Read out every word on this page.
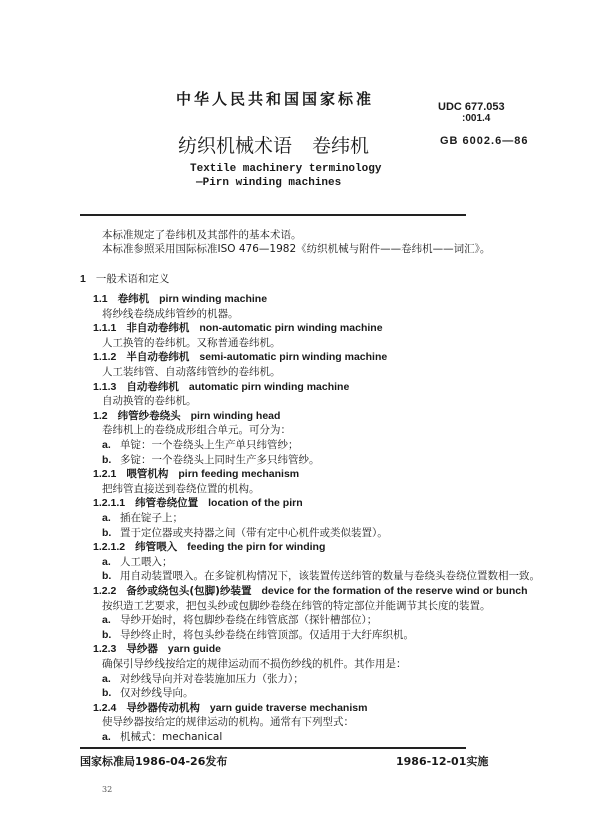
中华人民共和国国家标准	UDC 677.053
:001.4
纺织机械术语 卷纬机	GB 6002.6—86
Textile machinery terminology
—Pirn winding machines
本标准规定了卷纬机及其部件的基本术语。
本标准参照采用国际标准ISO 476—1982《纺织机械与附件——卷纬机——词汇》。
1 一般术语和定义
1.1 卷纬机 pirn winding machine
将纱线卷绕成纬管纱的机器。
1.1.1 非自动卷纬机 non-automatic pirn winding machine
人工换管的卷纬机。又称普通卷纬机。
1.1.2 半自动卷纬机 semi-automatic pirn winding machine
人工装纬管、自动落纬管纱的卷纬机。
1.1.3 自动卷纬机 automatic pirn winding machine
自动换管的卷纬机。
1.2 纬管纱卷绕头 pirn winding head
卷纬机上的卷绕成形组合单元。可分为：
a. 单锭：一个卷绕头上生产单只纬管纱；
b. 多锭：一个卷绕头上同时生产多只纬管纱。
1.2.1 喂管机构 pirn feeding mechanism
把纬管直接送到卷绕位置的机构。
1.2.1.1 纬管卷绕位置 location of the pirn
a. 插在锭子上；
b. 置于定位器或夹持器之间（带有定中心机件或类似装置）。
1.2.1.2 纬管喂入 feeding the pirn for winding
a. 人工喂入；
b. 用自动装置喂入。在多锭机构情况下，该装置传送纬管的数量与卷绕头卷绕位置数相一致。
1.2.2 备纱或绕包头(包脚)纱装置 device for the formation of the reserve wind or bunch
按织造工艺要求，把包头纱或包脚纱卷绕在纬管的特定部位并能调节其长度的装置。
a. 导纱开始时，将包脚纱卷绕在纬管底部（探针槽部位）；
b. 导纱终止时，将包头纱卷绕在纬管顶部。仅适用于大纡库织机。
1.2.3 导纱器 yarn guide
确保引导纱线按给定的规律运动而不损伤纱线的机件。其作用是：
a. 对纱线导向并对卷装施加压力（张力）；
b. 仅对纱线导向。
1.2.4 导纱器传动机构 yarn guide traverse mechanism
使导纱器按给定的规律运动的机构。通常有下列型式：
a. 机械式：mechanical
国家标准局1986-04-26发布	1986-12-01实施
32
